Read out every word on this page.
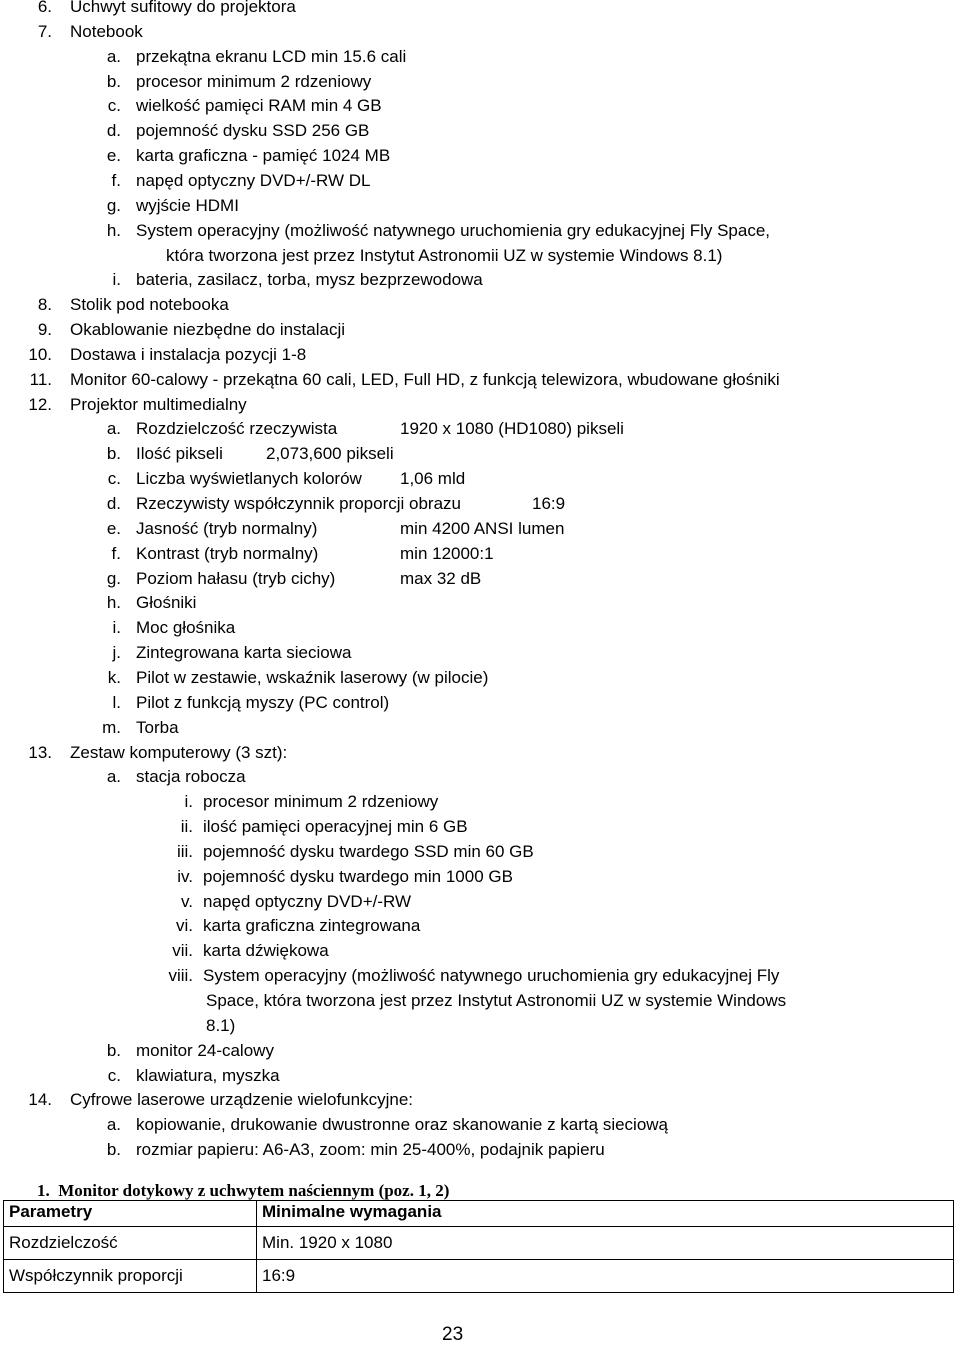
6. Uchwyt sufitowy do projektora
7. Notebook
a. przekątna ekranu LCD min 15.6 cali
b. procesor minimum 2 rdzeniowy
c. wielkość pamięci RAM min 4 GB
d. pojemność dysku SSD 256 GB
e. karta graficzna - pamięć 1024 MB
f. napęd optyczny DVD+/-RW DL
g. wyjście HDMI
h. System operacyjny (możliwość natywnego uruchomienia gry edukacyjnej Fly Space,
która tworzona jest przez Instytut Astronomii UZ w systemie Windows 8.1)
i. bateria, zasilacz, torba, mysz bezprzewodowa
8. Stolik pod notebooka
9. Okablowanie niezbędne do instalacji
10. Dostawa i instalacja pozycji 1-8
11. Monitor 60-calowy - przekątna 60 cali, LED, Full HD, z funkcją telewizora, wbudowane głośniki
12. Projektor multimedialny
a. Rozdzielczość rzeczywista	1920 x 1080 (HD1080) pikseli
b. Ilość pikseli	2,073,600 pikseli
c. Liczba wyświetlanych kolorów 1,06 mld
d. Rzeczywisty współczynnik proporcji obrazu	16:9
e. Jasność (tryb normalny)	min 4200 ANSI lumen
f. Kontrast (tryb normalny)	min 12000:1
g. Poziom hałasu (tryb cichy)	max 32 dB
h. Głośniki
i. Moc głośnika
j. Zintegrowana karta sieciowa
k. Pilot w zestawie, wskaźnik laserowy (w pilocie)
l. Pilot z funkcją myszy (PC control)
m. Torba
13. Zestaw komputerowy (3 szt):
a. stacja robocza
i. procesor minimum 2 rdzeniowy
ii. ilość pamięci operacyjnej min 6 GB
iii. pojemność dysku twardego SSD min 60 GB
iv. pojemność dysku twardego min 1000 GB
v. napęd optyczny DVD+/-RW
vi. karta graficzna zintegrowana
vii. karta dźwiękowa
viii. System operacyjny (możliwość natywnego uruchomienia gry edukacyjnej Fly
Space, która tworzona jest przez Instytut Astronomii UZ w systemie Windows
8.1)
b. monitor 24-calowy
c. klawiatura, myszka
14. Cyfrowe laserowe urządzenie wielofunkcyjne:
a. kopiowanie, drukowanie dwustronne oraz skanowanie z kartą sieciową
b. rozmiar papieru: A6-A3, zoom: min 25-400%, podajnik papieru
1. Monitor dotykowy z uchwytem naściennym (poz. 1, 2)
Parametry	Minimalne wymagania
Rozdzielczość	Min. 1920 x 1080
Współczynnik proporcji	16:9
23
